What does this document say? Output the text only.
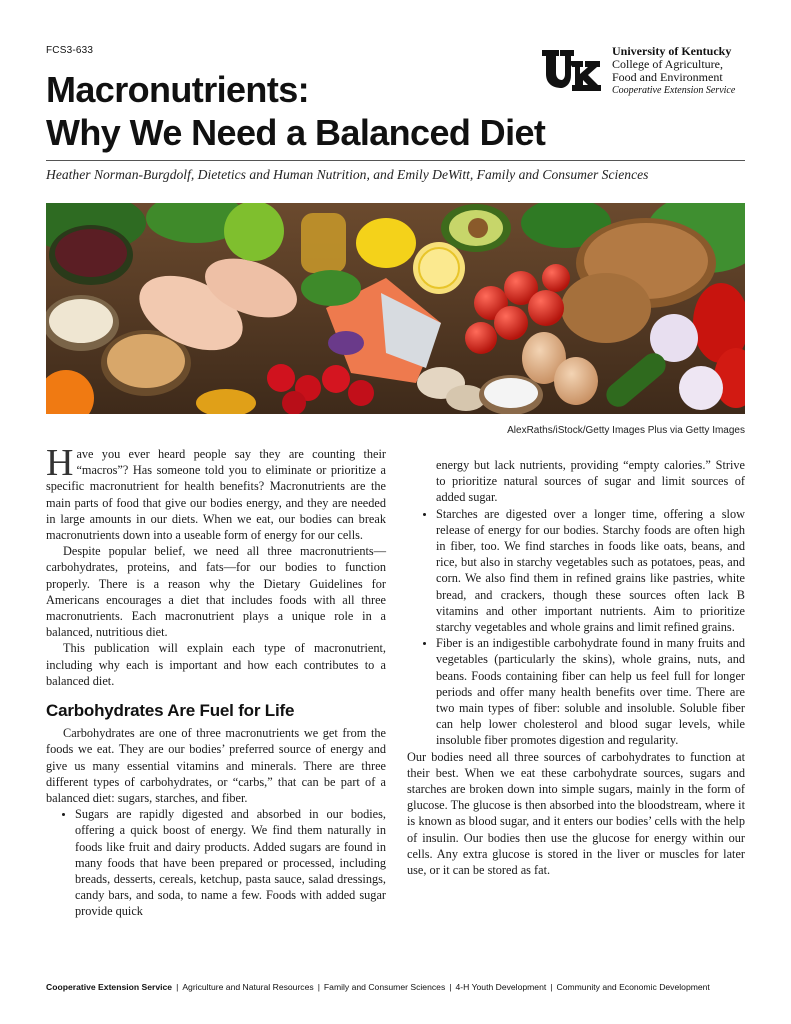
FCS3-633
Macronutrients:
Why We Need a Balanced Diet
University of Kentucky
College of Agriculture,
Food and Environment
Cooperative Extension Service
Heather Norman-Burgdolf, Dietetics and Human Nutrition, and Emily DeWitt, Family and Consumer Sciences
AlexRaths/iStock/Getty Images Plus via Getty Images

Have you ever heard people say they are counting their “macros”? Has someone told you to eliminate or prioritize a specific macronutrient for health benefits? Macronutrients are the main parts of food that give our bodies energy, and they are needed in large amounts in our diets. When we eat, our bodies can break macronutrients down into a useable form of energy for our cells.

Despite popular belief, we need all three macronutrients—carbohydrates, proteins, and fats—for our bodies to function properly. There is a reason why the Dietary Guidelines for Americans encourages a diet that includes foods with all three macronutrients. Each macronutrient plays a unique role in a balanced, nutritious diet.

This publication will explain each type of macronutrient, including why each is important and how each contributes to a balanced diet.

Carbohydrates Are Fuel for Life

Carbohydrates are one of three macronutrients we get from the foods we eat. They are our bodies’ preferred source of energy and give us many essential vitamins and minerals. There are three different types of carbohydrates, or “carbs,” that can be part of a balanced diet: sugars, starches, and fiber.

• Sugars are rapidly digested and absorbed in our bodies, offering a quick boost of energy. We find them naturally in foods like fruit and dairy products. Added sugars are found in many foods that have been prepared or processed, including breads, desserts, cereals, ketchup, pasta sauce, salad dressings, candy bars, and soda, to name a few. Foods with added sugar provide quick

energy but lack nutrients, providing “empty calories.” Strive to prioritize natural sources of sugar and limit sources of added sugar.

• Starches are digested over a longer time, offering a slow release of energy for our bodies. Starchy foods are often high in fiber, too. We find starches in foods like oats, beans, and rice, but also in starchy vegetables such as potatoes, peas, and corn. We also find them in refined grains like pastries, white bread, and crackers, though these sources often lack B vitamins and other important nutrients. Aim to prioritize starchy vegetables and whole grains and limit refined grains.
• Fiber is an indigestible carbohydrate found in many fruits and vegetables (particularly the skins), whole grains, nuts, and beans. Foods containing fiber can help us feel full for longer periods and offer many health benefits over time. There are two main types of fiber: soluble and insoluble. Soluble fiber can help lower cholesterol and blood sugar levels, while insoluble fiber promotes digestion and regularity.

Our bodies need all three sources of carbohydrates to function at their best. When we eat these carbohydrate sources, sugars and starches are broken down into simple sugars, mainly in the form of glucose. The glucose is then absorbed into the bloodstream, where it is known as blood sugar, and it enters our bodies’ cells with the help of insulin. Our bodies then use the glucose for energy within our cells. Any extra glucose is stored in the liver or muscles for later use, or it can be stored as fat.

Cooperative Extension Service | Agriculture and Natural Resources | Family and Consumer Sciences | 4-H Youth Development | Community and Economic Development
